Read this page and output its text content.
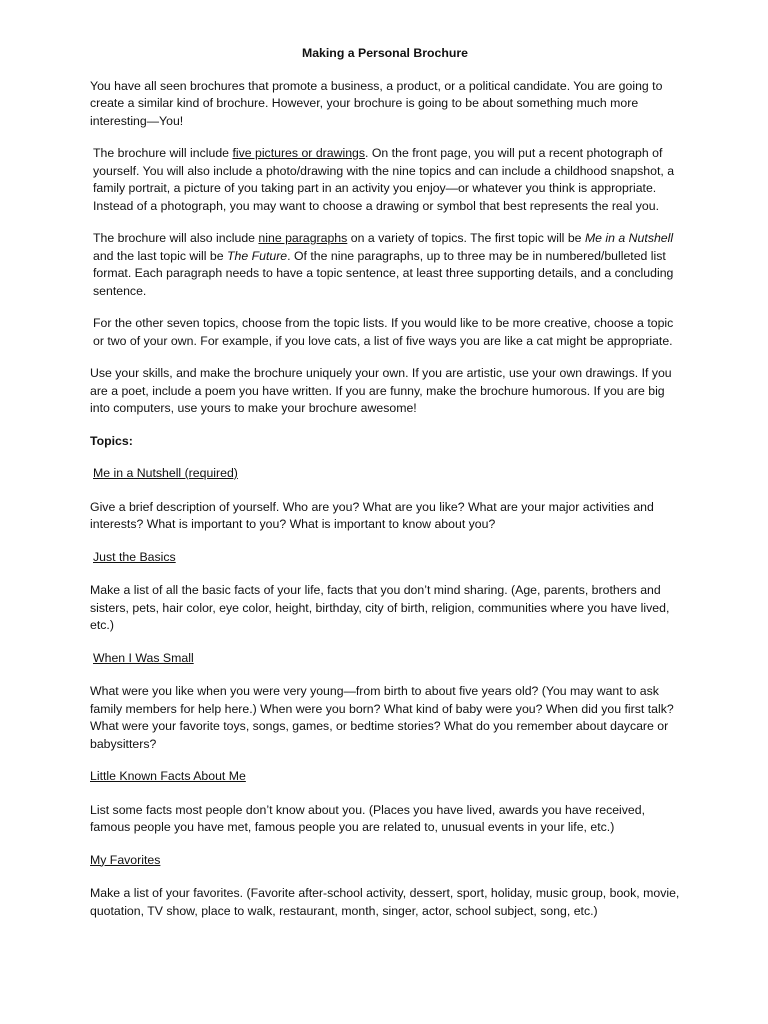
Making a Personal Brochure

You have all seen brochures that promote a business, a product, or a political candidate. You are going to create a similar kind of brochure. However, your brochure is going to be about something much more interesting—You!

The brochure will include five pictures or drawings. On the front page, you will put a recent photograph of yourself. You will also include a photo/drawing with the nine topics and can include a childhood snapshot, a family portrait, a picture of you taking part in an activity you enjoy—or whatever you think is appropriate. Instead of a photograph, you may want to choose a drawing or symbol that best represents the real you.

The brochure will also include nine paragraphs on a variety of topics. The first topic will be Me in a Nutshell and the last topic will be The Future. Of the nine paragraphs, up to three may be in numbered/bulleted list format. Each paragraph needs to have a topic sentence, at least three supporting details, and a concluding sentence.

For the other seven topics, choose from the topic lists. If you would like to be more creative, choose a topic or two of your own. For example, if you love cats, a list of five ways you are like a cat might be appropriate.

Use your skills, and make the brochure uniquely your own. If you are artistic, use your own drawings. If you are a poet, include a poem you have written. If you are funny, make the brochure humorous. If you are big into computers, use yours to make your brochure awesome!

Topics:

Me in a Nutshell (required)

Give a brief description of yourself. Who are you? What are you like? What are your major activities and interests? What is important to you? What is important to know about you?

Just the Basics

Make a list of all the basic facts of your life, facts that you don’t mind sharing. (Age, parents, brothers and sisters, pets, hair color, eye color, height, birthday, city of birth, religion, communities where you have lived, etc.)

When I Was Small

What were you like when you were very young—from birth to about five years old? (You may want to ask family members for help here.) When were you born? What kind of baby were you? When did you first talk? What were your favorite toys, songs, games, or bedtime stories? What do you remember about daycare or babysitters?

Little Known Facts About Me

List some facts most people don’t know about you. (Places you have lived, awards you have received, famous people you have met, famous people you are related to, unusual events in your life, etc.)

My Favorites

Make a list of your favorites. (Favorite after-school activity, dessert, sport, holiday, music group, book, movie, quotation, TV show, place to walk, restaurant, month, singer, actor, school subject, song, etc.)
